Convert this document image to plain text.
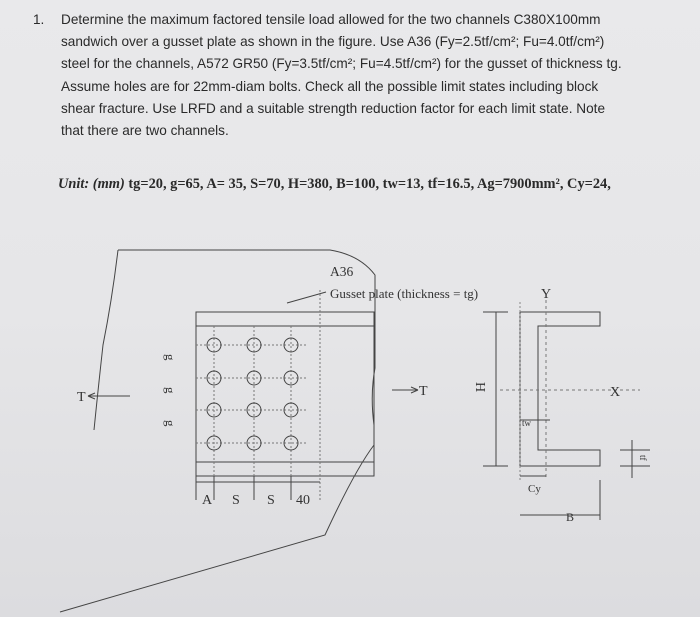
1. Determine the maximum factored tensile load allowed for the two channels C380X100mm
sandwich over a gusset plate as shown in the figure. Use A36 (Fy=2.5tf/cm²; Fu=4.0tf/cm²)
steel for the channels, A572 GR50 (Fy=3.5tf/cm²; Fu=4.5tf/cm²) for the gusset of thickness tg.
Assume holes are for 22mm-diam bolts. Check all the possible limit states including block
shear fracture. Use LRFD and a suitable strength reduction factor for each limit state. Note
that there are two channels.
Unit: (mm) tg=20, g=65, A= 35, S=70, H=380, B=100, tw=13, tf=16.5, Ag=7900mm², Cy=24,
A36
Gusset plate (thickness = tg)
T	T
g
g
g
A S S 40
H
Y
X
tw
Cy
B
tf
